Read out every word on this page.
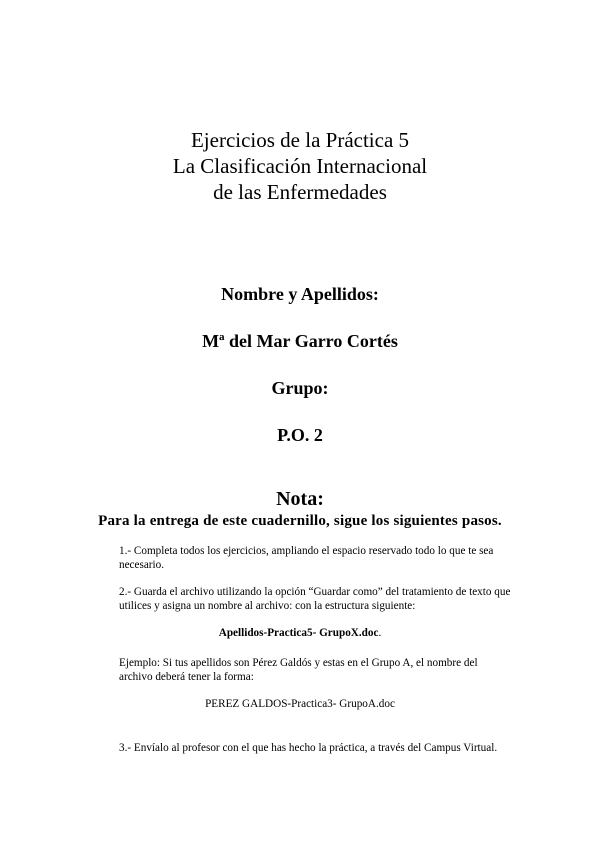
Ejercicios de la Práctica 5
La Clasificación Internacional
de las Enfermedades
Nombre y Apellidos:
Mª del Mar Garro Cortés
Grupo:
P.O. 2
Nota:
Para la entrega de este cuadernillo, sigue los siguientes pasos.
1.- Completa todos los ejercicios, ampliando el espacio reservado todo lo que te sea necesario.
2.- Guarda el archivo utilizando la opción “Guardar como” del tratamiento de texto que utilices y asigna un nombre al archivo: con la estructura siguiente:
Apellidos-Practica5- GrupoX.doc.
Ejemplo: Si tus apellidos son Pérez Galdós y estas en el Grupo A, el nombre del archivo deberá tener la forma:
PEREZ GALDOS-Practica3- GrupoA.doc
3.- Envíalo al profesor con el que has hecho la práctica, a través del Campus Virtual.
